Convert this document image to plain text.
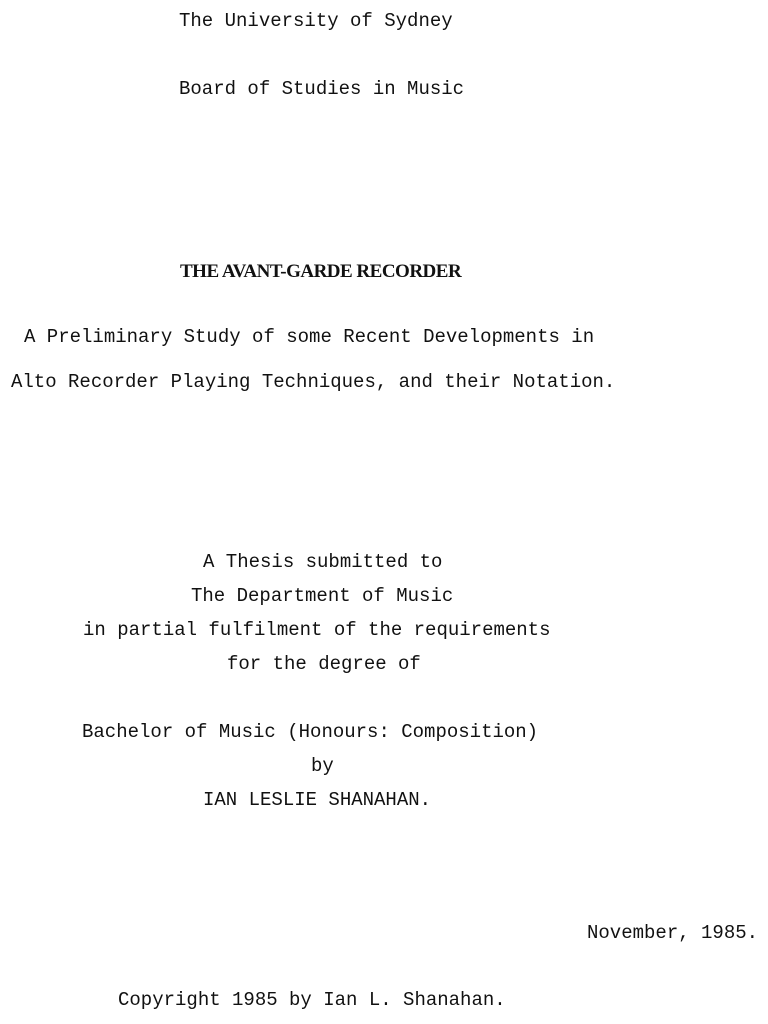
The University of Sydney

Board of Studies in Music

THE AVANT-GARDE RECORDER

A Preliminary Study of some Recent Developments in

Alto Recorder Playing Techniques, and their Notation.

A Thesis submitted to

The Department of Music

in partial fulfilment of the requirements

for the degree of

Bachelor of Music (Honours: Composition)

by

IAN LESLIE SHANAHAN.

November, 1985.

Copyright 1985 by Ian L. Shanahan.
